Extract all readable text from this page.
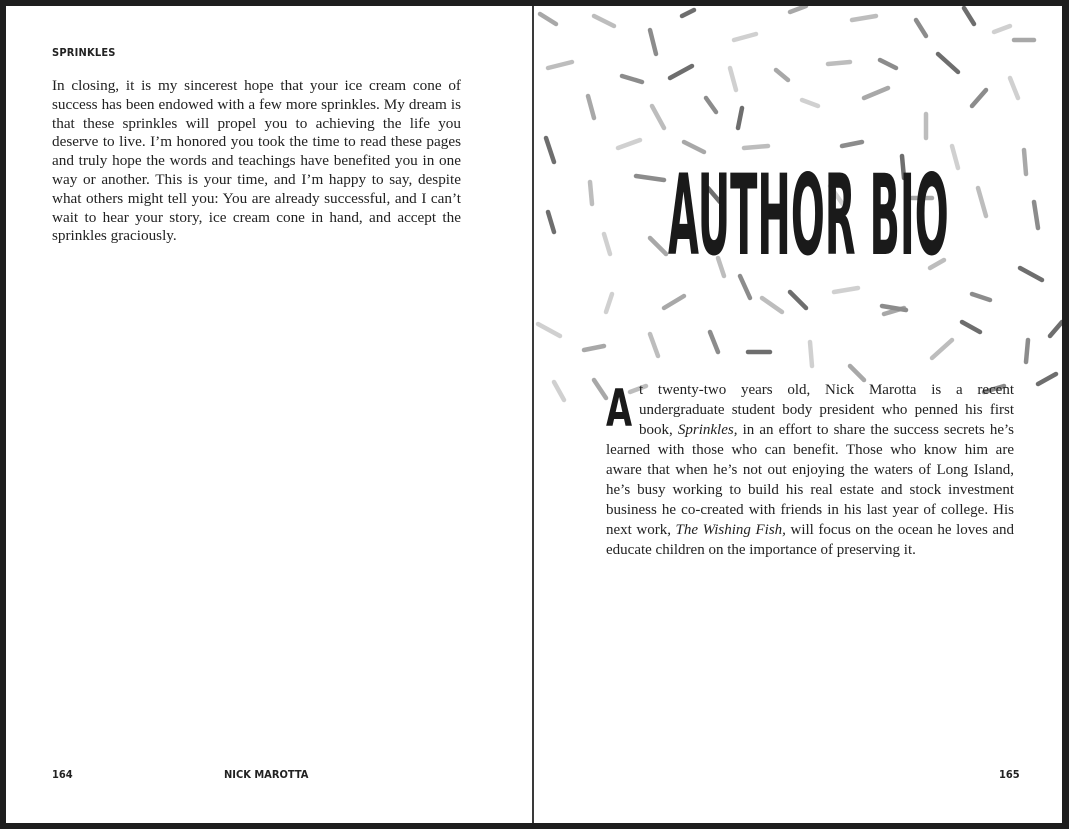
SPRINKLES

In closing, it is my sincerest hope that your ice cream cone of success has been endowed with a few more sprinkles. My dream is that these sprinkles will propel you to achieving the life you deserve to live. I’m honored you took the time to read these pages and truly hope the words and teachings have benefited you in one way or another. This is your time, and I’m happy to say, despite what others might tell you: You are already successful, and I can’t wait to hear your story, ice cream cone in hand, and accept the sprinkles graciously.

164	NICK MAROTTA
AUTHOR BIO

At twenty-two years old, Nick Marotta is a recent undergraduate student body president who penned his first book, Sprinkles, in an effort to share the success secrets he’s learned with those who can benefit. Those who know him are aware that when he’s not out enjoying the waters of Long Island, he’s busy working to build his real estate and stock investment business he co-created with friends in his last year of college. His next work, The Wishing Fish, will focus on the ocean he loves and educate children on the importance of preserving it.

165
